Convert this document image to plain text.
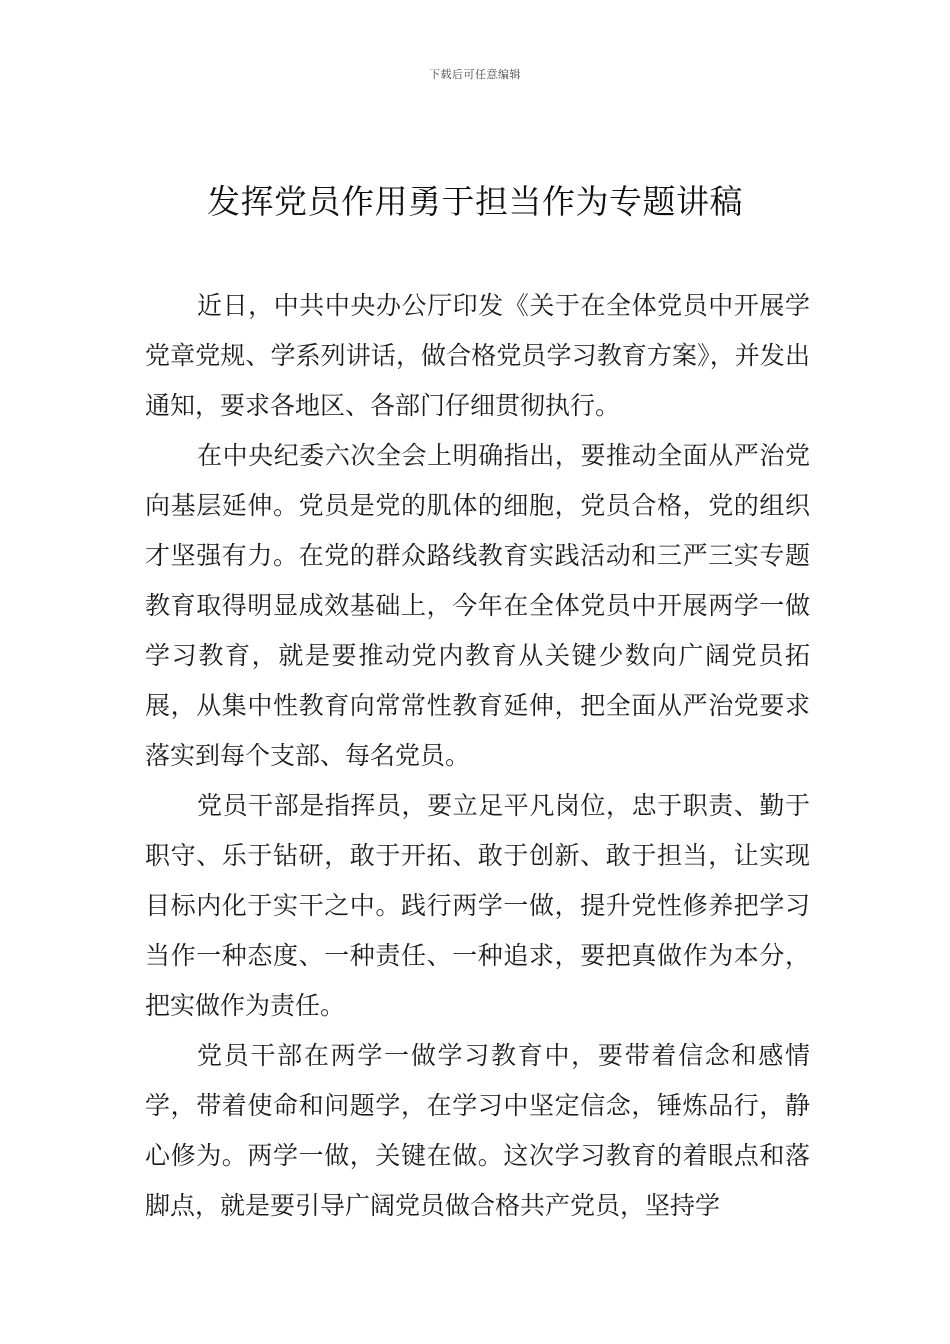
下载后可任意编辑
发挥党员作用勇于担当作为专题讲稿

近日，中共中央办公厅印发《关于在全体党员中开展学党章党规、学系列讲话，做合格党员学习教育方案》，并发出通知，要求各地区、各部门仔细贯彻执行。

在中央纪委六次全会上明确指出，要推动全面从严治党向基层延伸。党员是党的肌体的细胞，党员合格，党的组织才坚强有力。在党的群众路线教育实践活动和三严三实专题教育取得明显成效基础上，今年在全体党员中开展两学一做学习教育，就是要推动党内教育从关键少数向广阔党员拓展，从集中性教育向常常性教育延伸，把全面从严治党要求落实到每个支部、每名党员。

党员干部是指挥员，要立足平凡岗位，忠于职责、勤于职守、乐于钻研，敢于开拓、敢于创新、敢于担当，让实现目标内化于实干之中。践行两学一做，提升党性修养把学习当作一种态度、一种责任、一种追求，要把真做作为本分，把实做作为责任。

党员干部在两学一做学习教育中，要带着信念和感情学，带着使命和问题学，在学习中坚定信念，锤炼品行，静心修为。两学一做，关键在做。这次学习教育的着眼点和落脚点，就是要引导广阔党员做合格共产党员，坚持学
